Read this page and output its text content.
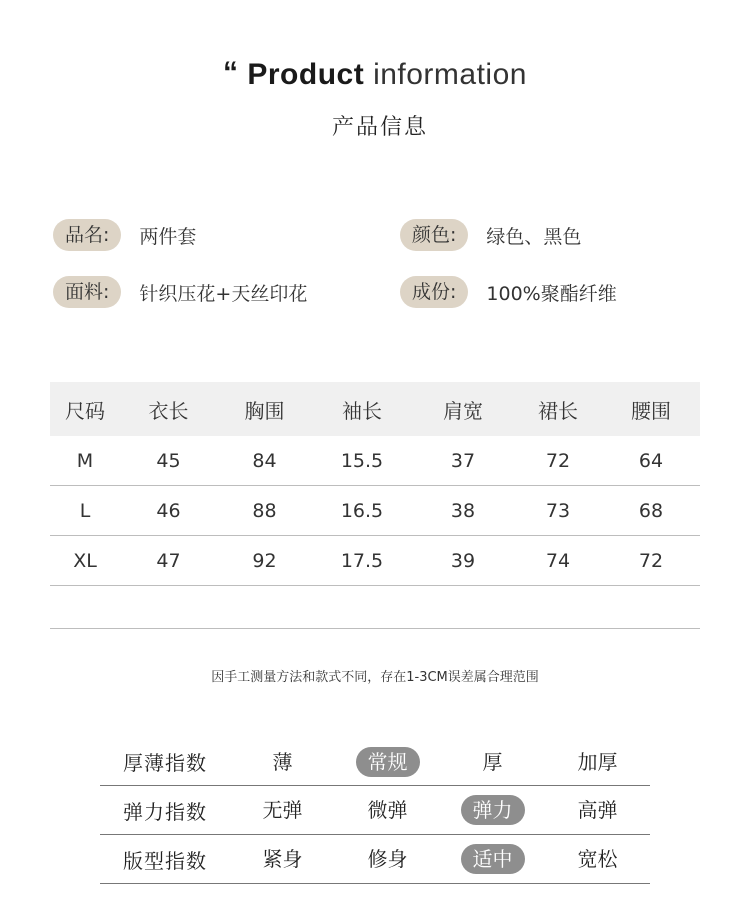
“ Product information
产品信息
品名:	两件套	颜色:	绿色、黑色
面料:	针织压花+天丝印花	成份:	100%聚酯纤维
尺码	衣长	胸围	袖长	肩宽	裙长	腰围
M	45	84	15.5	37	72	64
L	46	88	16.5	38	73	68
XL	47	92	17.5	39	74	72
因手工测量方法和款式不同，存在1-3CM误差属合理范围
厚薄指数	薄	常规	厚	加厚
弹力指数	无弹	微弹	弹力	高弹
版型指数	紧身	修身	适中	宽松
